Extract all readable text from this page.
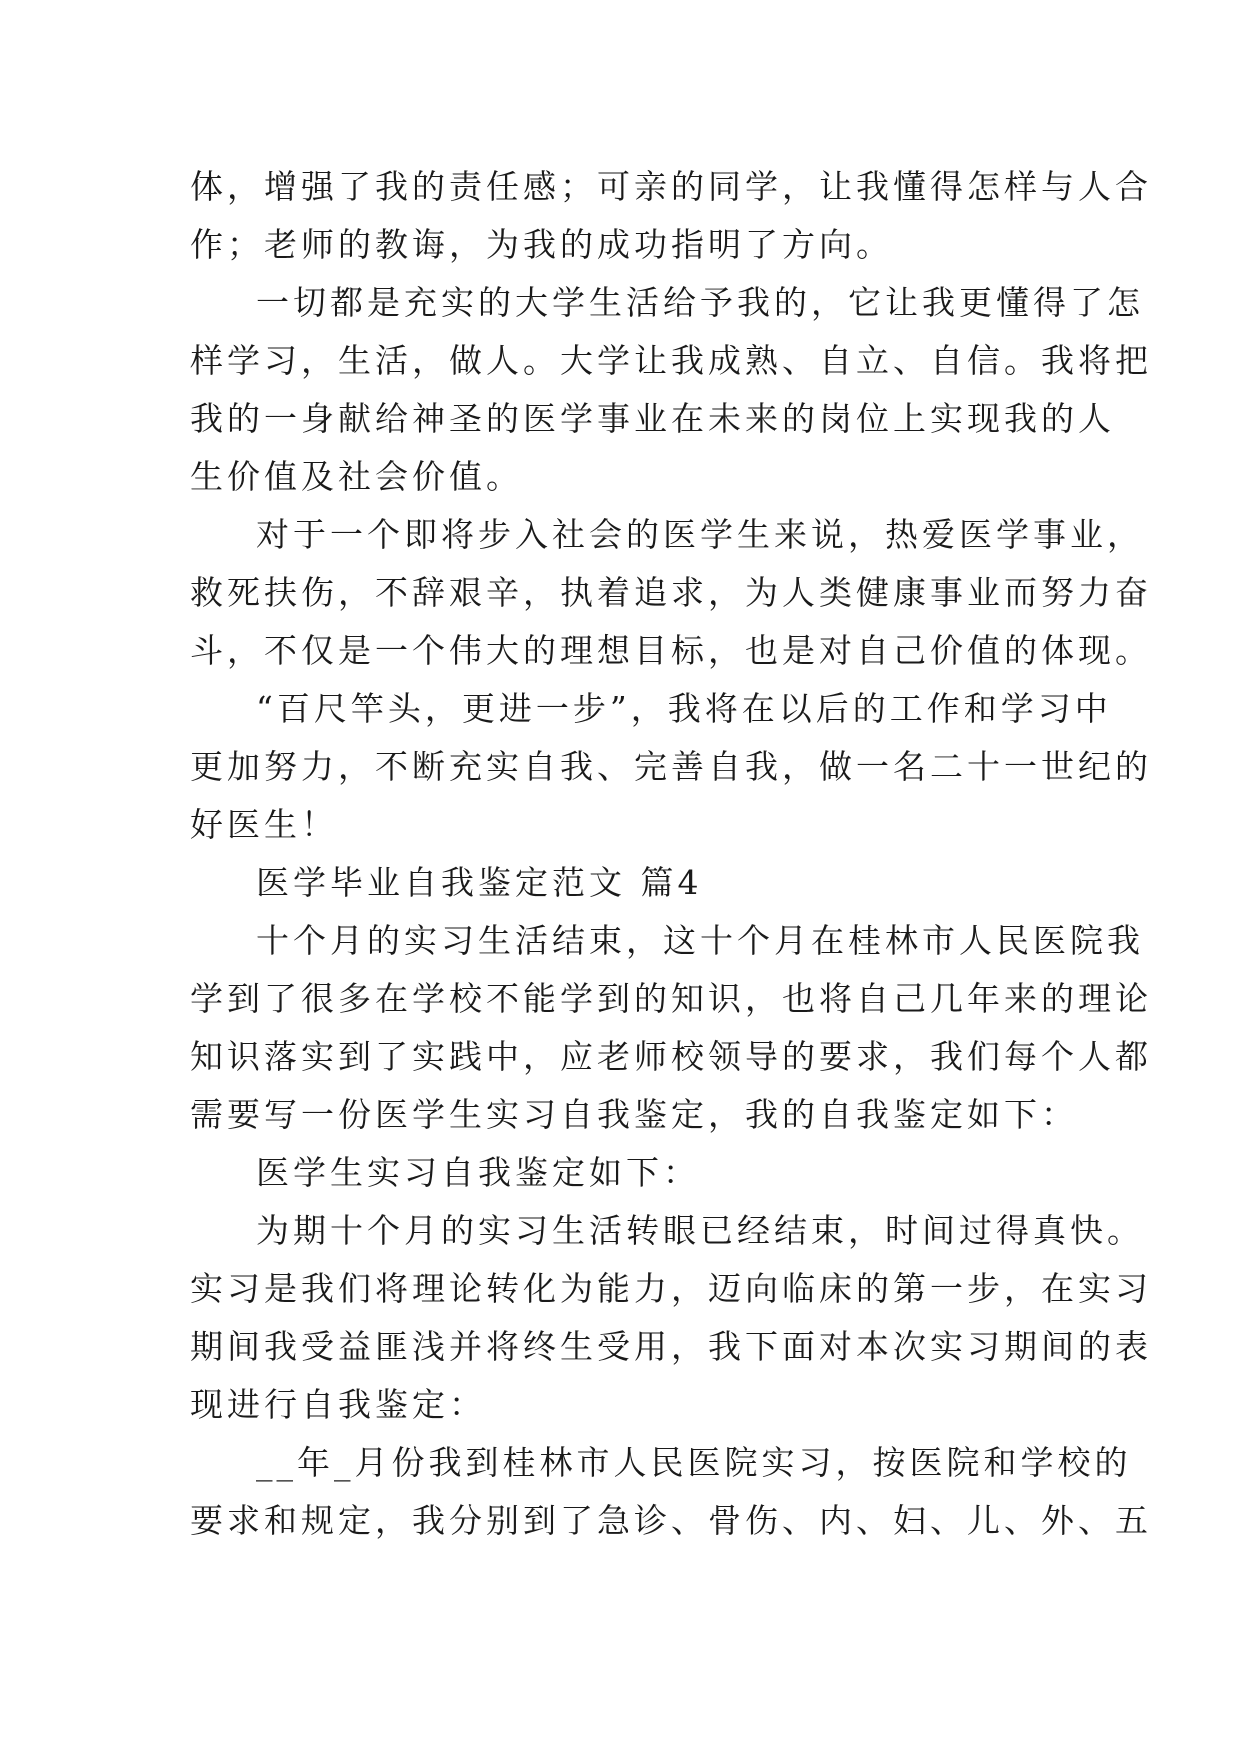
体，增强了我的责任感；可亲的同学，让我懂得怎样与人合
作；老师的教诲，为我的成功指明了方向。
一切都是充实的大学生活给予我的，它让我更懂得了怎
样学习，生活，做人。大学让我成熟、自立、自信。我将把
我的一身献给神圣的医学事业在未来的岗位上实现我的人
生价值及社会价值。
对于一个即将步入社会的医学生来说，热爱医学事业，
救死扶伤，不辞艰辛，执着追求，为人类健康事业而努力奋
斗，不仅是一个伟大的理想目标，也是对自己价值的体现。
“百尺竿头，更进一步”，我将在以后的工作和学习中
更加努力，不断充实自我、完善自我，做一名二十一世纪的
好医生！
医学毕业自我鉴定范文 篇4
十个月的实习生活结束，这十个月在桂林市人民医院我
学到了很多在学校不能学到的知识，也将自己几年来的理论
知识落实到了实践中，应老师校领导的要求，我们每个人都
需要写一份医学生实习自我鉴定，我的自我鉴定如下：
医学生实习自我鉴定如下：
为期十个月的实习生活转眼已经结束，时间过得真快。
实习是我们将理论转化为能力，迈向临床的第一步，在实习
期间我受益匪浅并将终生受用，我下面对本次实习期间的表
现进行自我鉴定：
__年_月份我到桂林市人民医院实习，按医院和学校的
要求和规定，我分别到了急诊、骨伤、内、妇、儿、外、五
